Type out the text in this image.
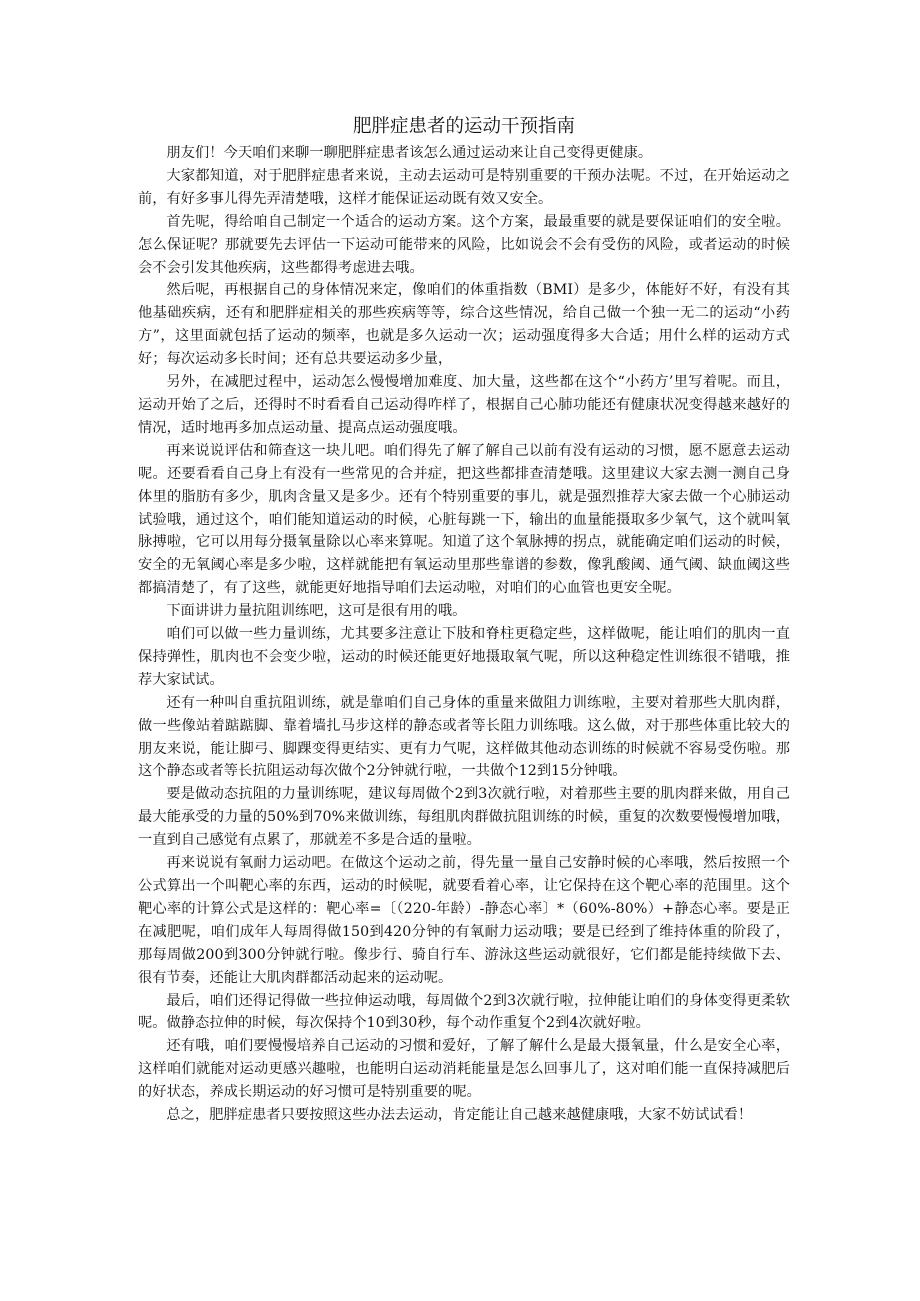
肥胖症患者的运动干预指南

朋友们！今天咱们来聊一聊肥胖症患者该怎么通过运动来让自己变得更健康。

大家都知道，对于肥胖症患者来说，主动去运动可是特别重要的干预办法呢。不过，在开始运动之前，有好多事儿得先弄清楚哦，这样才能保证运动既有效又安全。

首先呢，得给咱自己制定一个适合的运动方案。这个方案，最最重要的就是要保证咱们的安全啦。怎么保证呢？那就要先去评估一下运动可能带来的风险，比如说会不会有受伤的风险，或者运动的时候会不会引发其他疾病，这些都得考虑进去哦。

然后呢，再根据自己的身体情况来定，像咱们的体重指数（BMI）是多少，体能好不好，有没有其他基础疾病，还有和肥胖症相关的那些疾病等等，综合这些情况，给自己做一个独一无二的运动“小药方”，这里面就包括了运动的频率，也就是多久运动一次；运动强度得多大合适；用什么样的运动方式好；每次运动多长时间；还有总共要运动多少量，

另外，在减肥过程中，运动怎么慢慢增加难度、加大量，这些都在这个“小药方’里写着呢。而且，运动开始了之后，还得时不时看看自己运动得咋样了，根据自己心肺功能还有健康状况变得越来越好的情况，适时地再多加点运动量、提高点运动强度哦。

再来说说评估和筛查这一块儿吧。咱们得先了解了解自己以前有没有运动的习惯，愿不愿意去运动呢。还要看看自己身上有没有一些常见的合并症，把这些都排查清楚哦。这里建议大家去测一测自己身体里的脂肪有多少，肌肉含量又是多少。还有个特别重要的事儿，就是强烈推荐大家去做一个心肺运动试验哦，通过这个，咱们能知道运动的时候，心脏每跳一下，输出的血量能摄取多少氧气，这个就叫氧脉搏啦，它可以用每分摄氧量除以心率来算呢。知道了这个氧脉搏的拐点，就能确定咱们运动的时候，安全的无氧阈心率是多少啦，这样就能把有氧运动里那些靠谱的参数，像乳酸阈、通气阈、缺血阈这些都搞清楚了，有了这些，就能更好地指导咱们去运动啦，对咱们的心血管也更安全呢。

下面讲讲力量抗阻训练吧，这可是很有用的哦。

咱们可以做一些力量训练，尤其要多注意让下肢和脊柱更稳定些，这样做呢，能让咱们的肌肉一直保持弹性，肌肉也不会变少啦，运动的时候还能更好地摄取氧气呢，所以这种稳定性训练很不错哦，推荐大家试试。

还有一种叫自重抗阻训练，就是靠咱们自己身体的重量来做阻力训练啦，主要对着那些大肌肉群，做一些像站着踮踮脚、靠着墙扎马步这样的静态或者等长阻力训练哦。这么做，对于那些体重比较大的朋友来说，能让脚弓、脚踝变得更结实、更有力气呢，这样做其他动态训练的时候就不容易受伤啦。那这个静态或者等长抗阻运动每次做个2分钟就行啦，一共做个12到15分钟哦。

要是做动态抗阻的力量训练呢，建议每周做个2到3次就行啦，对着那些主要的肌肉群来做，用自己最大能承受的力量的50%到70%来做训练，每组肌肉群做抗阻训练的时候，重复的次数要慢慢增加哦，一直到自己感觉有点累了，那就差不多是合适的量啦。

再来说说有氧耐力运动吧。在做这个运动之前，得先量一量自己安静时候的心率哦，然后按照一个公式算出一个叫靶心率的东西，运动的时候呢，就要看着心率，让它保持在这个靶心率的范围里。这个靶心率的计算公式是这样的：靶心率=〔（220-年龄）-静态心率〕*（60%-80%）+静态心率。要是正在减肥呢，咱们成年人每周得做150到420分钟的有氧耐力运动哦；要是已经到了维持体重的阶段了，那每周做200到300分钟就行啦。像步行、骑自行车、游泳这些运动就很好，它们都是能持续做下去、很有节奏，还能让大肌肉群都活动起来的运动呢。

最后，咱们还得记得做一些拉伸运动哦，每周做个2到3次就行啦，拉伸能让咱们的身体变得更柔软呢。做静态拉伸的时候，每次保持个10到30秒，每个动作重复个2到4次就好啦。

还有哦，咱们要慢慢培养自己运动的习惯和爱好，了解了解什么是最大摄氧量，什么是安全心率，这样咱们就能对运动更感兴趣啦，也能明白运动消耗能量是怎么回事儿了，这对咱们能一直保持减肥后的好状态，养成长期运动的好习惯可是特别重要的呢。

总之，肥胖症患者只要按照这些办法去运动，肯定能让自己越来越健康哦，大家不妨试试看！
